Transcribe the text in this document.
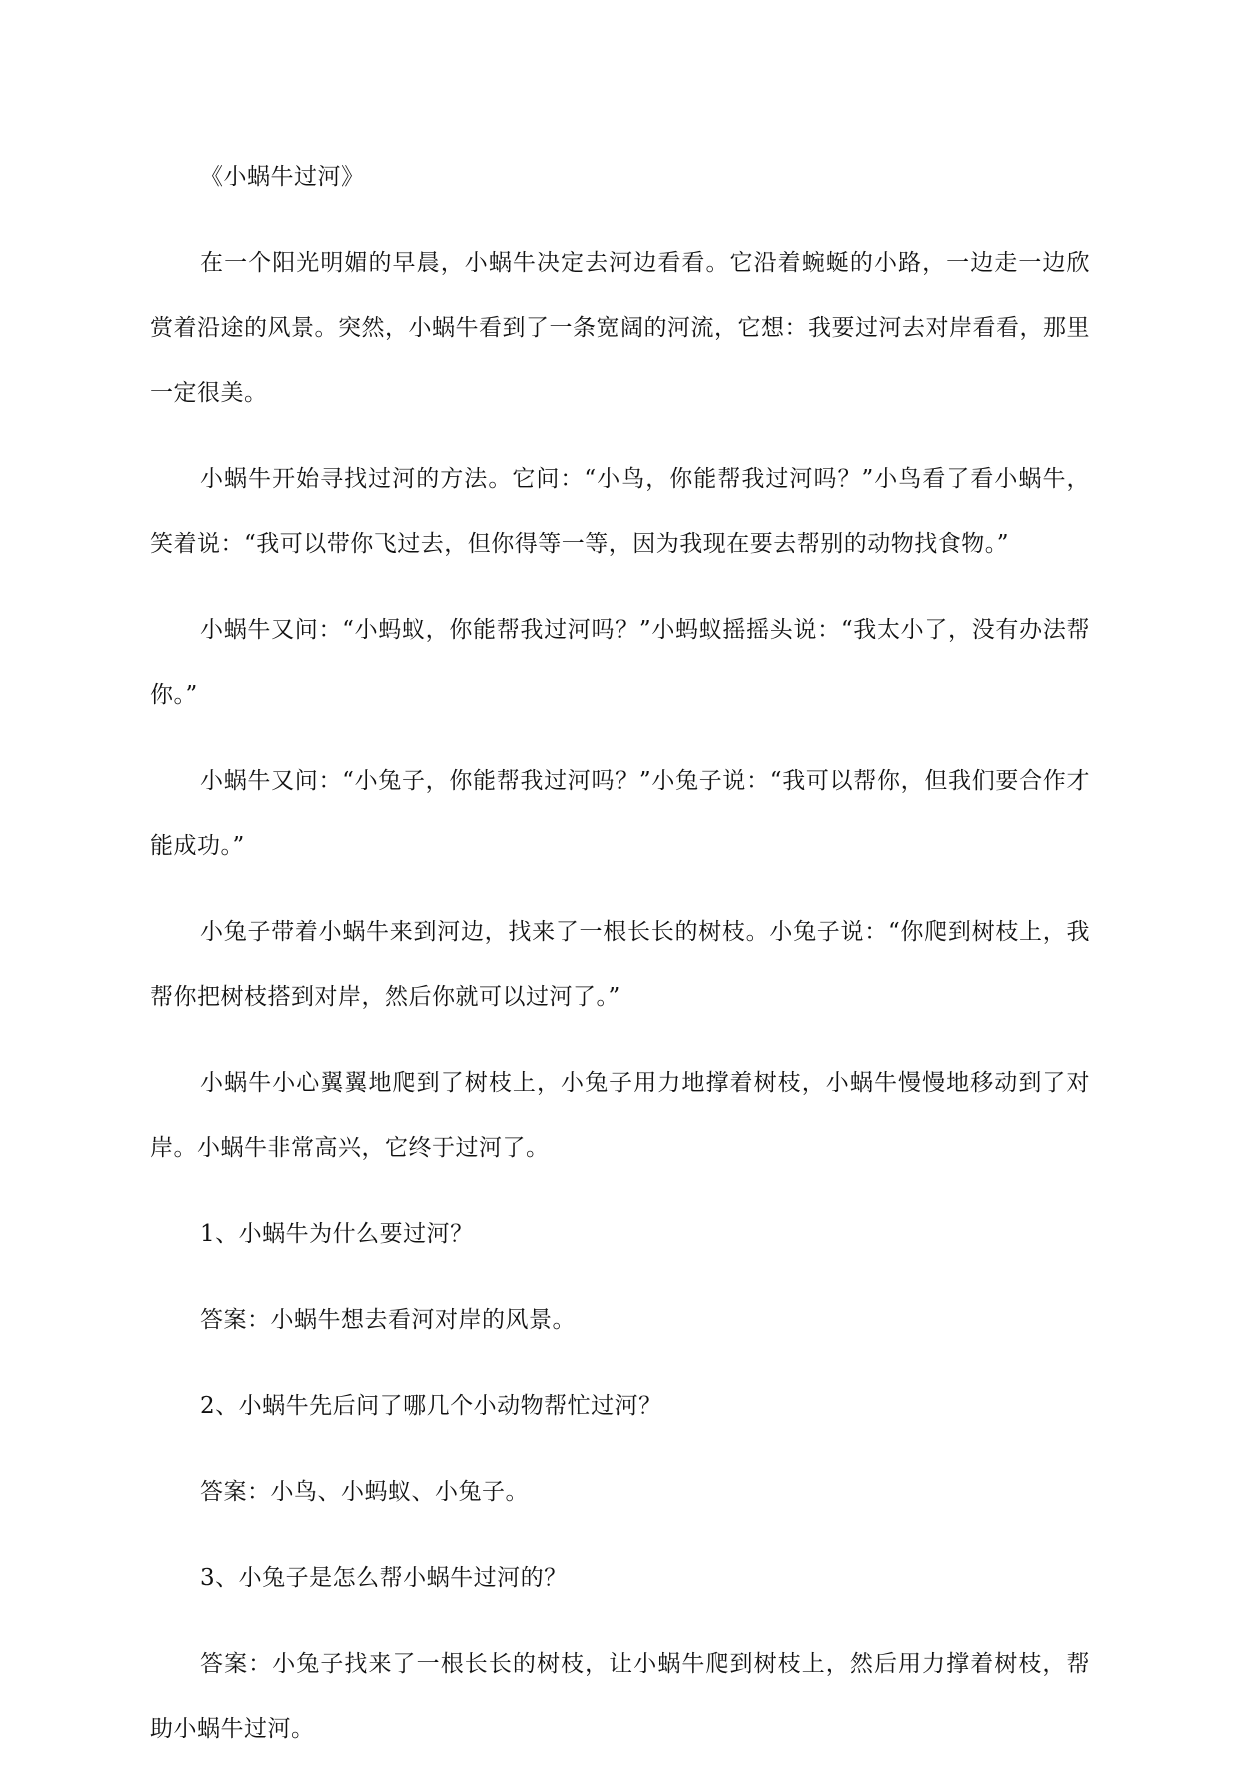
《小蜗牛过河》

在一个阳光明媚的早晨，小蜗牛决定去河边看看。它沿着蜿蜒的小路，一边走一边欣赏着沿途的风景。突然，小蜗牛看到了一条宽阔的河流，它想：我要过河去对岸看看，那里一定很美。

小蜗牛开始寻找过河的方法。它问：“小鸟，你能帮我过河吗？”小鸟看了看小蜗牛，笑着说：“我可以带你飞过去，但你得等一等，因为我现在要去帮别的动物找食物。”

小蜗牛又问：“小蚂蚁，你能帮我过河吗？”小蚂蚁摇摇头说：“我太小了，没有办法帮你。”

小蜗牛又问：“小兔子，你能帮我过河吗？”小兔子说：“我可以帮你，但我们要合作才能成功。”

小兔子带着小蜗牛来到河边，找来了一根长长的树枝。小兔子说：“你爬到树枝上，我帮你把树枝搭到对岸，然后你就可以过河了。”

小蜗牛小心翼翼地爬到了树枝上，小兔子用力地撑着树枝，小蜗牛慢慢地移动到了对岸。小蜗牛非常高兴，它终于过河了。

1、小蜗牛为什么要过河？

答案：小蜗牛想去看河对岸的风景。

2、小蜗牛先后问了哪几个小动物帮忙过河？

答案：小鸟、小蚂蚁、小兔子。

3、小兔子是怎么帮小蜗牛过河的？

答案：小兔子找来了一根长长的树枝，让小蜗牛爬到树枝上，然后用力撑着树枝，帮助小蜗牛过河。
